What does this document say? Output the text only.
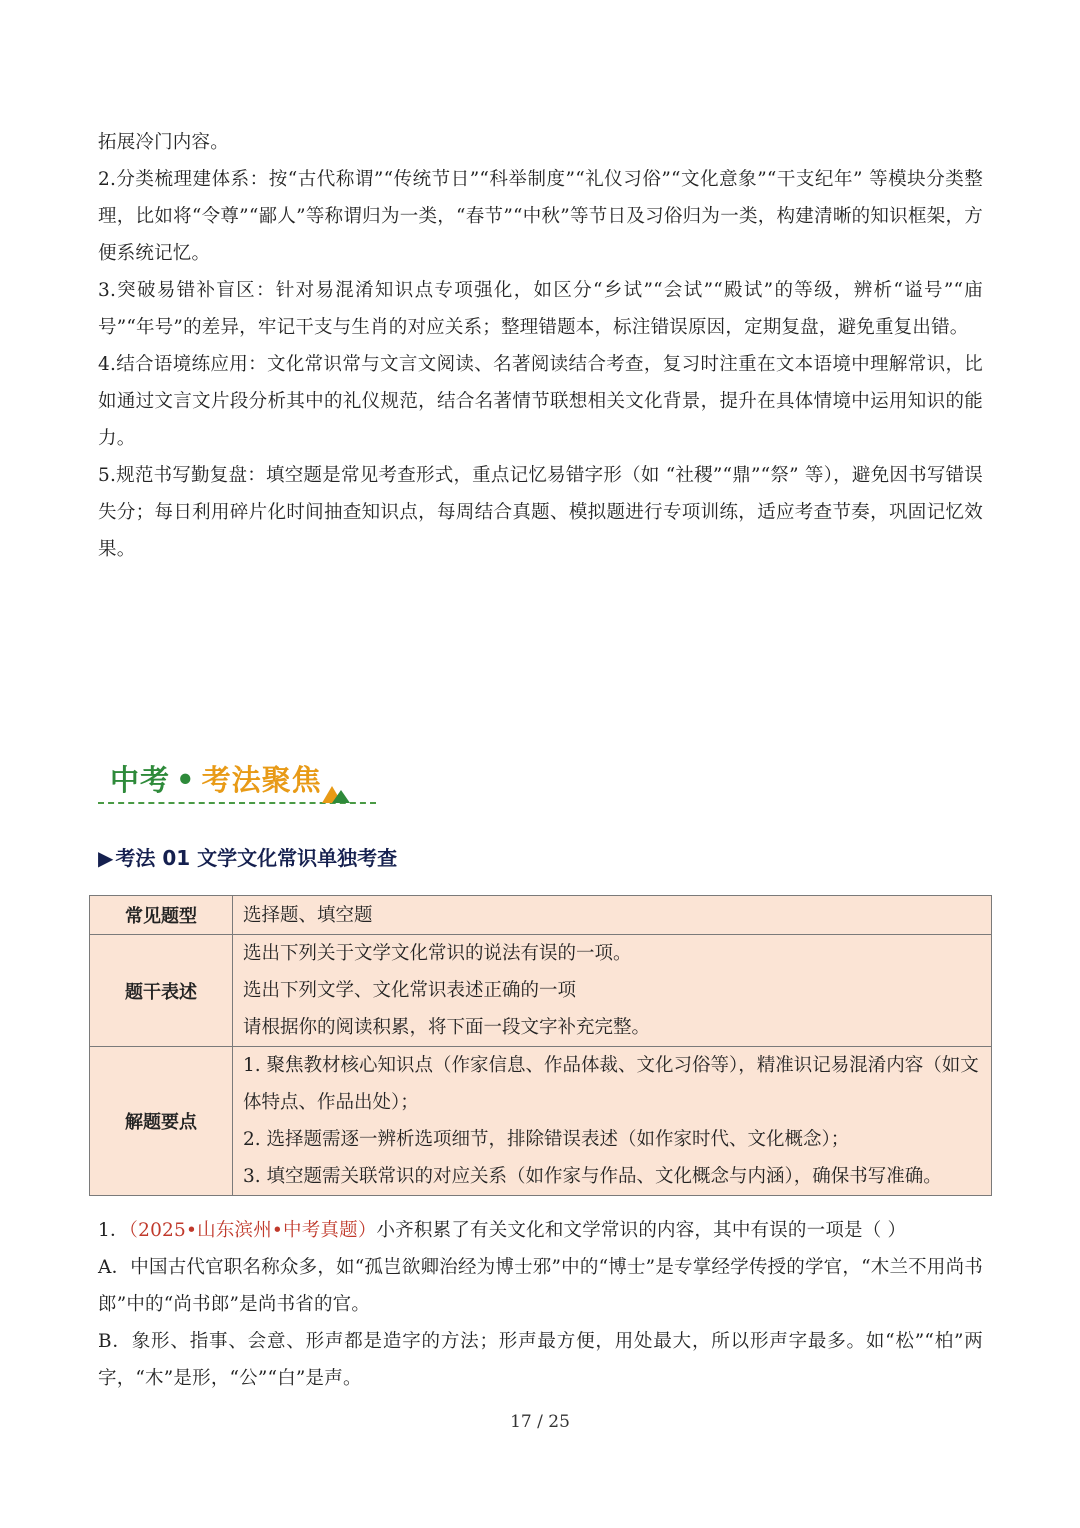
拓展冷门内容。

2.分类梳理建体系：按“古代称谓”“传统节日”“科举制度”“礼仪习俗”“文化意象”“干支纪年” 等模块分类整理，比如将“令尊”“鄙人”等称谓归为一类，“春节”“中秋”等节日及习俗归为一类，构建清晰的知识框架，方便系统记忆。

3.突破易错补盲区：针对易混淆知识点专项强化，如区分“乡试”“会试”“殿试”的等级，辨析“谥号”“庙号”“年号”的差异，牢记干支与生肖的对应关系；整理错题本，标注错误原因，定期复盘，避免重复出错。

4.结合语境练应用：文化常识常与文言文阅读、名著阅读结合考查，复习时注重在文本语境中理解常识，比如通过文言文片段分析其中的礼仪规范，结合名著情节联想相关文化背景，提升在具体情境中运用知识的能力。

5.规范书写勤复盘：填空题是常见考查形式，重点记忆易错字形（如 “社稷”“鼎”“祭” 等），避免因书写错误失分；每日利用碎片化时间抽查知识点，每周结合真题、模拟题进行专项训练，适应考查节奏，巩固记忆效果。

中考 • 考法聚焦
▶ 考法 01 文学文化常识单独考查
常见题型	选择题、填空题

题干表述	选出下列关于文学文化常识的说法有误的一项。
选出下列文学、文化常识表述正确的一项
请根据你的阅读积累，将下面一段文字补充完整。

解题要点	1. 聚焦教材核心知识点（作家信息、作品体裁、文化习俗等），精准识记易混淆内容（如文体特点、作品出处）；
2. 选择题需逐一辨析选项细节，排除错误表述（如作家时代、文化概念）；
3. 填空题需关联常识的对应关系（如作家与作品、文化概念与内涵），确保书写准确。

1．（2025•山东滨州•中考真题）小齐积累了有关文化和文学常识的内容，其中有误的一项是（ ）

A．中国古代官职名称众多，如“孤岂欲卿治经为博士邪”中的“博士”是专掌经学传授的学官，“木兰不用尚书郎”中的“尚书郎”是尚书省的官。

B．象形、指事、会意、形声都是造字的方法；形声最方便，用处最大，所以形声字最多。如“松”“柏”两字，“木”是形，“公”“白”是声。

17 / 25
